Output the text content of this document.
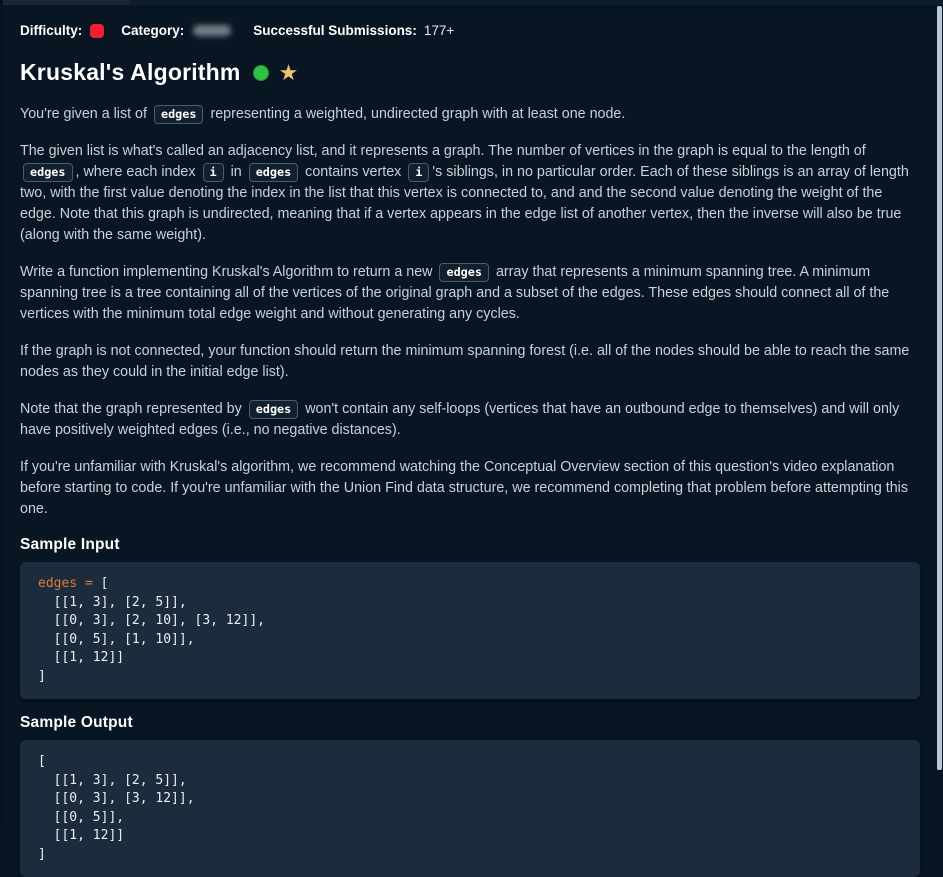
Difficulty:	Category:	Successful Submissions: 177+
Kruskal's Algorithm ★

You're given a list of edges representing a weighted, undirected graph with at least one node.

The given list is what's called an adjacency list, and it represents a graph. The number of vertices in the graph is equal to the length of edges , where each index i in edges contains vertex i 's siblings, in no particular order. Each of these siblings is an array of length two, with the first value denoting the index in the list that this vertex is connected to, and and the second value denoting the weight of the edge. Note that this graph is undirected, meaning that if a vertex appears in the edge list of another vertex, then the inverse will also be true (along with the same weight).

Write a function implementing Kruskal's Algorithm to return a new edges array that represents a minimum spanning tree. A minimum spanning tree is a tree containing all of the vertices of the original graph and a subset of the edges. These edges should connect all of the vertices with the minimum total edge weight and without generating any cycles.

If the graph is not connected, your function should return the minimum spanning forest (i.e. all of the nodes should be able to reach the same nodes as they could in the initial edge list).

Note that the graph represented by edges won't contain any self-loops (vertices that have an outbound edge to themselves) and will only have positively weighted edges (i.e., no negative distances).

If you're unfamiliar with Kruskal's algorithm, we recommend watching the Conceptual Overview section of this question's video explanation before starting to code. If you're unfamiliar with the Union Find data structure, we recommend completing that problem before attempting this one.

Sample Input
edges = [
[[1, 3], [2, 5]],
[[0, 3], [2, 10], [3, 12]],
[[0, 5], [1, 10]],
[[1, 12]]
]
Sample Output
[
[[1, 3], [2, 5]],
[[0, 3], [3, 12]],
[[0, 5]],
[[1, 12]]
]
